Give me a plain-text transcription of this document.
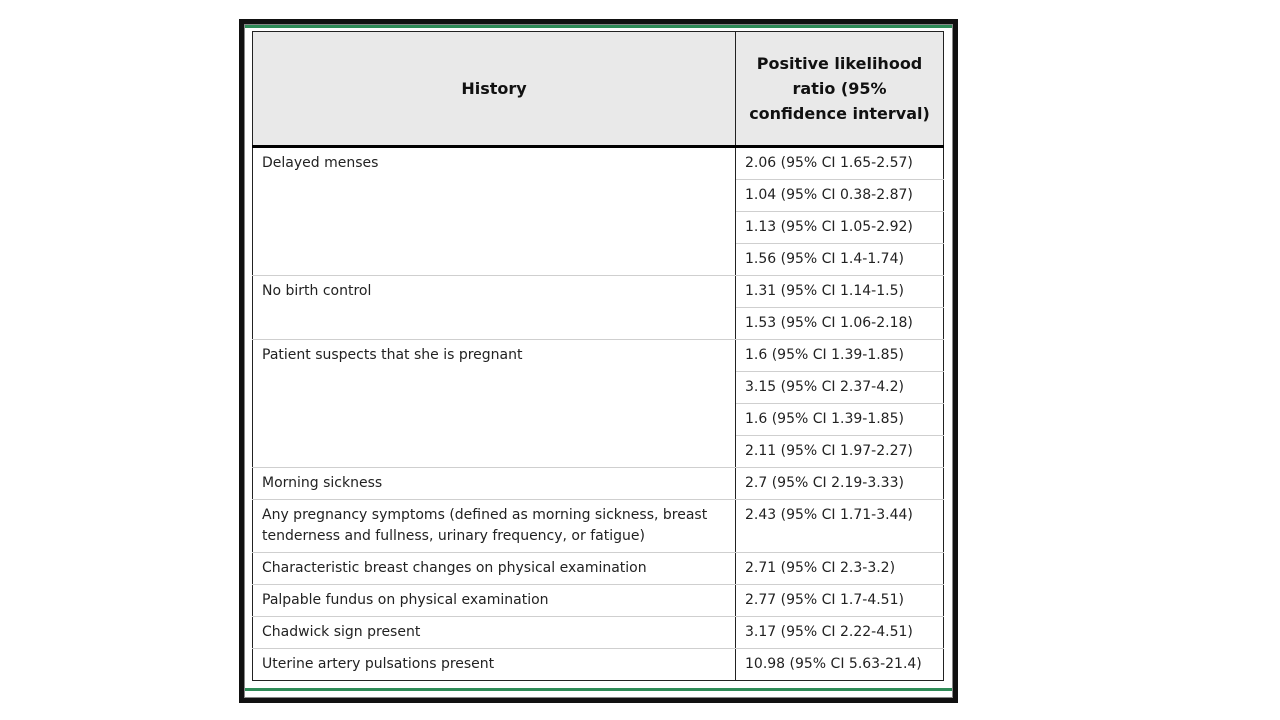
History	Positive likelihood ratio (95% confidence interval)
Delayed menses	2.06 (95% CI 1.65-2.57)
	1.04 (95% CI 0.38-2.87)
	1.13 (95% CI 1.05-2.92)
	1.56 (95% CI 1.4-1.74)
No birth control	1.31 (95% CI 1.14-1.5)
	1.53 (95% CI 1.06-2.18)
Patient suspects that she is pregnant	1.6 (95% CI 1.39-1.85)
	3.15 (95% CI 2.37-4.2)
	1.6 (95% CI 1.39-1.85)
	2.11 (95% CI 1.97-2.27)
Morning sickness	2.7 (95% CI 2.19-3.33)
Any pregnancy symptoms (defined as morning sickness, breast tenderness and fullness, urinary frequency, or fatigue)	2.43 (95% CI 1.71-3.44)
Characteristic breast changes on physical examination	2.71 (95% CI 2.3-3.2)
Palpable fundus on physical examination	2.77 (95% CI 1.7-4.51)
Chadwick sign present	3.17 (95% CI 2.22-4.51)
Uterine artery pulsations present	10.98 (95% CI 5.63-21.4)
